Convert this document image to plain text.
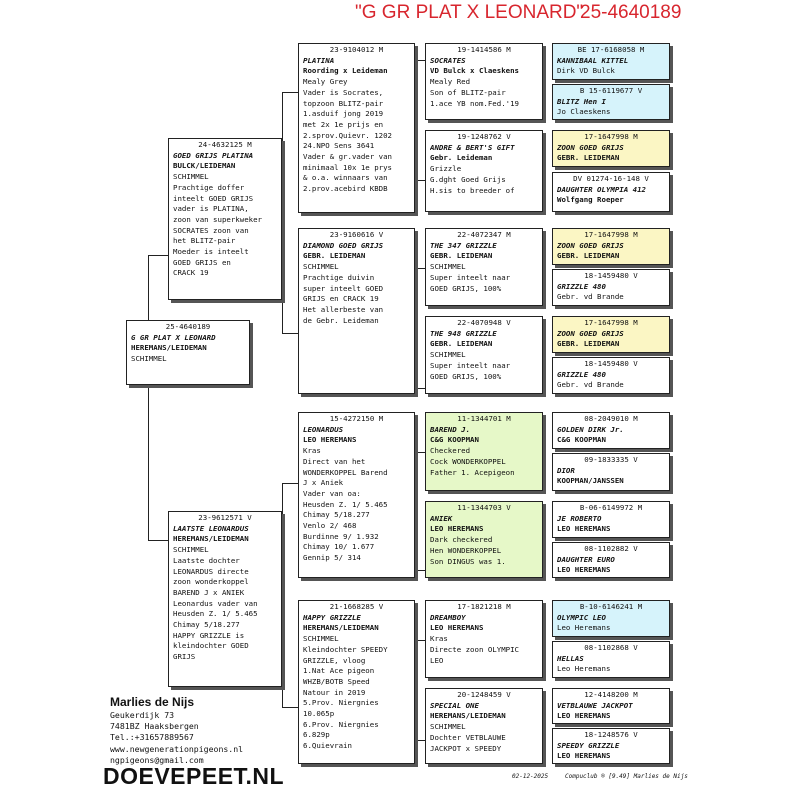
"G GR PLAT X LEONARD"
25-4640189
25-4640189
G GR PLAT X LEONARD
HEREMANS/LEIDEMAN
SCHIMMEL
24-4632125 M
GOED GRIJS PLATINA
BULCK/LEIDEMAN
SCHIMMEL
Prachtige doffer
inteelt GOED GRIJS
vader is PLATINA,
zoon van superkweker
SOCRATES zoon van
het BLITZ-pair
Moeder is inteelt
GOED GRIJS en
CRACK 19
23-9612571 V
LAATSTE LEONARDUS
HEREMANS/LEIDEMAN
SCHIMMEL
Laatste dochter
LEONARDUS directe
zoon wonderkoppel
BAREND J x ANIEK
Leonardus vader van
Heusden Z. 1/ 5.465
Chimay 5/18.277
HAPPY GRIZZLE is
kleindochter GOED
GRIJS
23-9104012 M
PLATINA
Roording x Leideman
Mealy Grey
Vader is Socrates,
topzoon BLITZ-pair
1.asduif jong 2019
met 2x 1e prijs en
2.sprov.Quievr. 1202
24.NPO Sens 3641
Vader & gr.vader van
minimaal 10x 1e prys
& o.a. winnaars van
2.prov.acebird KBDB
23-9160616 V
DIAMOND GOED GRIJS
GEBR. LEIDEMAN
SCHIMMEL
Prachtige duivin
super inteelt GOED
GRIJS en CRACK 19
Het allerbeste van
de Gebr. Leideman
15-4272150 M
LEONARDUS
LEO HEREMANS
Kras
Direct van het
WONDERKOPPEL Barend
J x Aniek
Vader van oa:
Heusden Z. 1/ 5.465
Chimay 5/18.277
Venlo 2/ 468
Burdinne 9/ 1.932
Chimay 10/ 1.677
Gennip 5/ 314
21-1668285 V
HAPPY GRIZZLE
HEREMANS/LEIDEMAN
SCHIMMEL
Kleindochter SPEEDY
GRIZZLE, vloog
1.Nat Ace pigeon
WHZB/BOTB Speed
Natour in 2019
5.Prov. Niergnies
10.065p
6.Prov. Niergnies
6.829p
6.Quievrain
19-1414586 M
SOCRATES
VD Bulck x Claeskens
Mealy Red
Son of BLITZ-pair
1.ace YB nom.Fed.'19
19-1248762 V
ANDRE & BERT'S GIFT
Gebr. Leideman
Grizzle
G.dght Goed Grijs
H.sis to breeder of
22-4072347 M
THE 347 GRIZZLE
GEBR. LEIDEMAN
SCHIMMEL
Super inteelt naar
GOED GRIJS, 100%
22-4070948 V
THE 948 GRIZZLE
GEBR. LEIDEMAN
SCHIMMEL
Super inteelt naar
GOED GRIJS, 100%
11-1344701 M
BAREND J.
C&G KOOPMAN
Checkered
Cock WONDERKOPPEL
Father 1. Acepigeon
11-1344703 V
ANIEK
LEO HEREMANS
Dark checkered
Hen WONDERKOPPEL
Son DINGUS was 1.
17-1821218 M
DREAMBOY
LEO HEREMANS
Kras
Directe zoon OLYMPIC
LEO
20-1248459 V
SPECIAL ONE
HEREMANS/LEIDEMAN
SCHIMMEL
Dochter VETBLAUWE
JACKPOT x SPEEDY
BE 17-6168058 M
KANNIBAAL KITTEL
Dirk VD Bulck
B 15-6119677 V
BLITZ Hen I
Jo Claeskens
17-1647998 M
ZOON GOED GRIJS
GEBR. LEIDEMAN
DV 01274-16-148 V
DAUGHTER OLYMPIA 412
Wolfgang Roeper
17-1647998 M
ZOON GOED GRIJS
GEBR. LEIDEMAN
18-1459480 V
GRIZZLE 480
Gebr. vd Brande
17-1647998 M
ZOON GOED GRIJS
GEBR. LEIDEMAN
18-1459480 V
GRIZZLE 480
Gebr. vd Brande
08-2049010 M
GOLDEN DIRK Jr.
C&G KOOPMAN
09-1833335 V
DIOR
KOOPMAN/JANSSEN
B-06-6149972 M
JE ROBERTO
LEO HEREMANS
08-1102882 V
DAUGHTER EURO
LEO HEREMANS
B-10-6146241 M
OLYMPIC LEO
Leo Heremans
08-1102868 V
HELLAS
Leo Heremans
12-4148200 M
VETBLAUWE JACKPOT
LEO HEREMANS
18-1248576 V
SPEEDY GRIZZLE
LEO HEREMANS
Marlies de Nijs
Geukerdijk 73
7481BZ Haaksbergen
Tel.:+31657889567
www.newgenerationpigeons.nl
ngpigeons@gmail.com
DOEVEPEET.NL	02-12-2025	Compuclub ® [9.49] Marlies de Nijs
